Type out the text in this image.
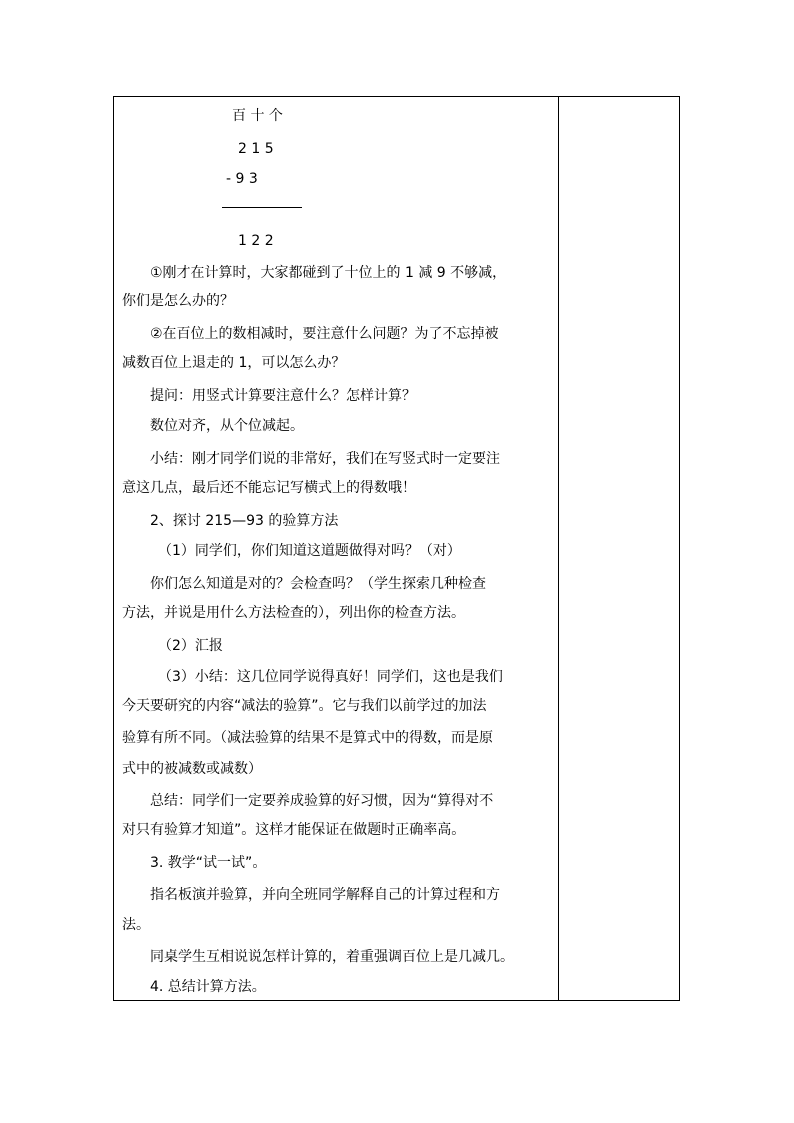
百 十 个
2 1 5
- 9 3
1 2 2
①刚才在计算时，大家都碰到了十位上的 1 减 9 不够减，
你们是怎么办的？
②在百位上的数相减时，要注意什么问题？为了不忘掉被
减数百位上退走的 1，可以怎么办？
提问：用竖式计算要注意什么？怎样计算？
数位对齐，从个位减起。
小结：刚才同学们说的非常好，我们在写竖式时一定要注
意这几点，最后还不能忘记写横式上的得数哦！
2、探讨 215—93 的验算方法
（1）同学们，你们知道这道题做得对吗？（对）
你们怎么知道是对的？会检查吗？（学生探索几种检查
方法，并说是用什么方法检查的），列出你的检查方法。
（2）汇报
（3）小结：这几位同学说得真好！同学们，这也是我们
今天要研究的内容“减法的验算”。它与我们以前学过的加法
验算有所不同。（减法验算的结果不是算式中的得数，而是原
式中的被减数或减数）
总结：同学们一定要养成验算的好习惯，因为“算得对不
对只有验算才知道”。这样才能保证在做题时正确率高。
3. 教学“试一试”。
指名板演并验算，并向全班同学解释自己的计算过程和方
法。
同桌学生互相说说怎样计算的，着重强调百位上是几减几。
4. 总结计算方法。
